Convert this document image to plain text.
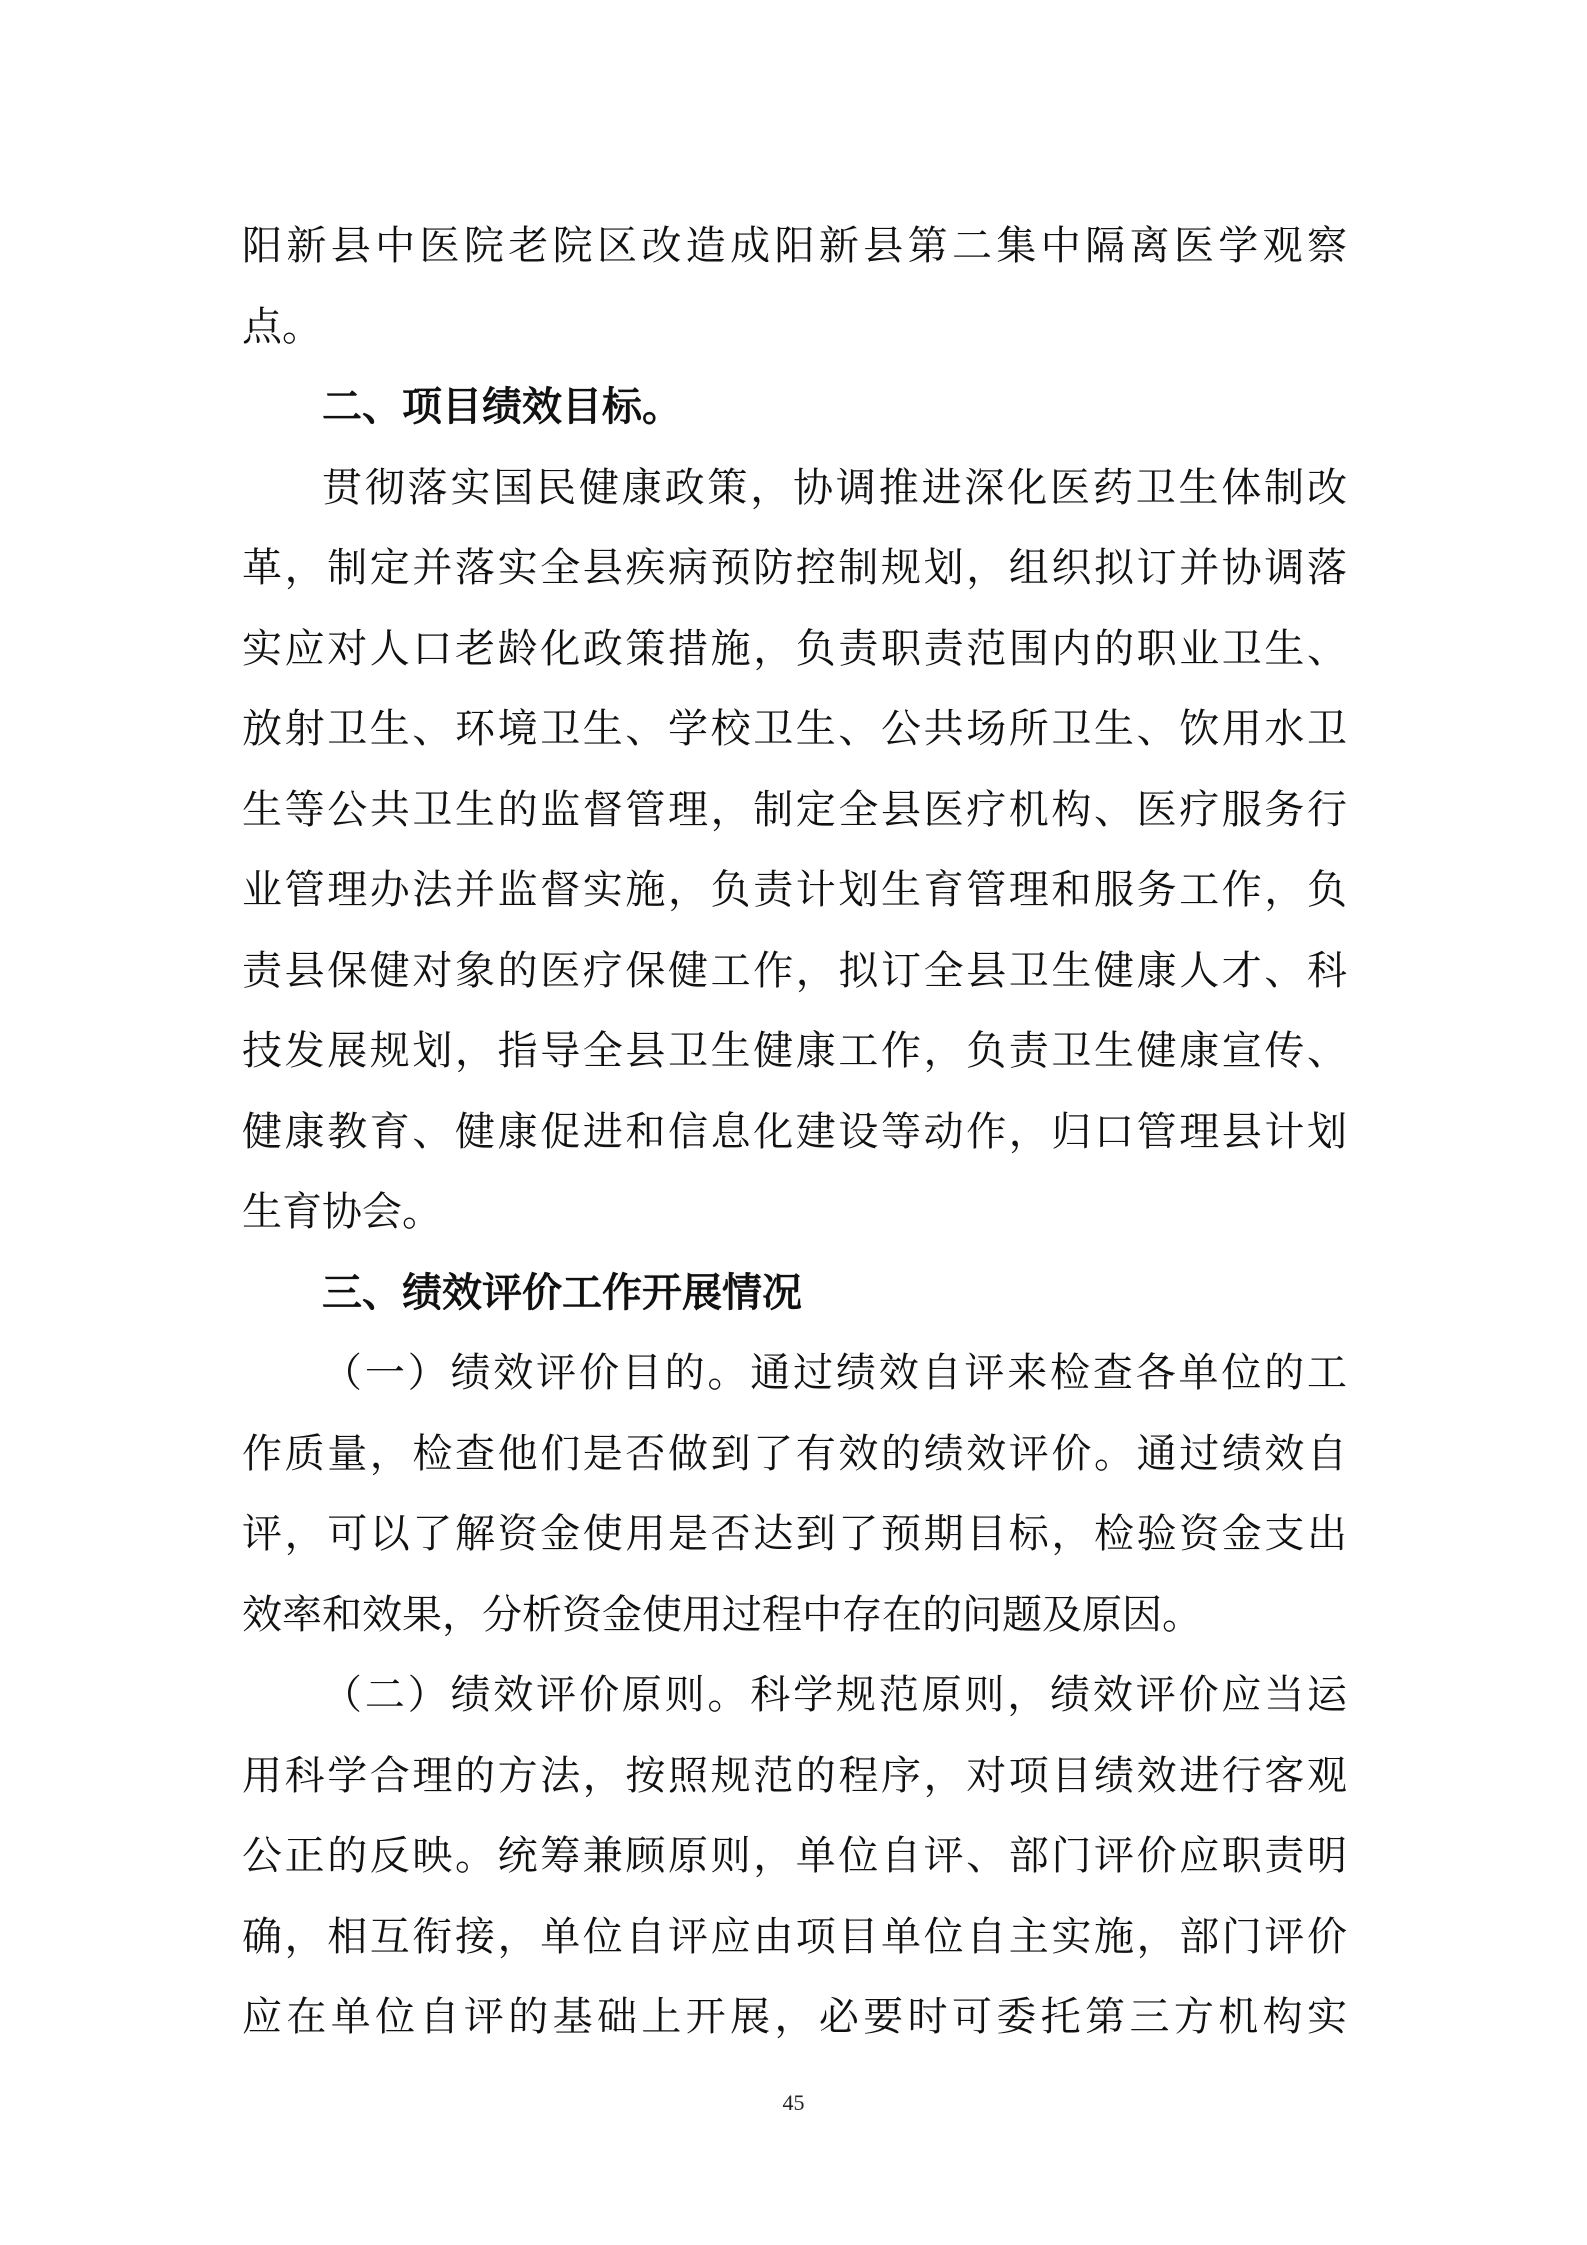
阳新县中医院老院区改造成阳新县第二集中隔离医学观察
点。
二、项目绩效目标。
贯彻落实国民健康政策，协调推进深化医药卫生体制改
革，制定并落实全县疾病预防控制规划，组织拟订并协调落
实应对人口老龄化政策措施，负责职责范围内的职业卫生、
放射卫生、环境卫生、学校卫生、公共场所卫生、饮用水卫
生等公共卫生的监督管理，制定全县医疗机构、医疗服务行
业管理办法并监督实施，负责计划生育管理和服务工作，负
责县保健对象的医疗保健工作，拟订全县卫生健康人才、科
技发展规划，指导全县卫生健康工作，负责卫生健康宣传、
健康教育、健康促进和信息化建设等动作，归口管理县计划
生育协会。
三、绩效评价工作开展情况
（一）绩效评价目的。通过绩效自评来检查各单位的工
作质量，检查他们是否做到了有效的绩效评价。通过绩效自
评，可以了解资金使用是否达到了预期目标，检验资金支出
效率和效果，分析资金使用过程中存在的问题及原因。
（二）绩效评价原则。科学规范原则，绩效评价应当运
用科学合理的方法，按照规范的程序，对项目绩效进行客观
公正的反映。统筹兼顾原则，单位自评、部门评价应职责明
确，相互衔接，单位自评应由项目单位自主实施，部门评价
应在单位自评的基础上开展，必要时可委托第三方机构实
45
